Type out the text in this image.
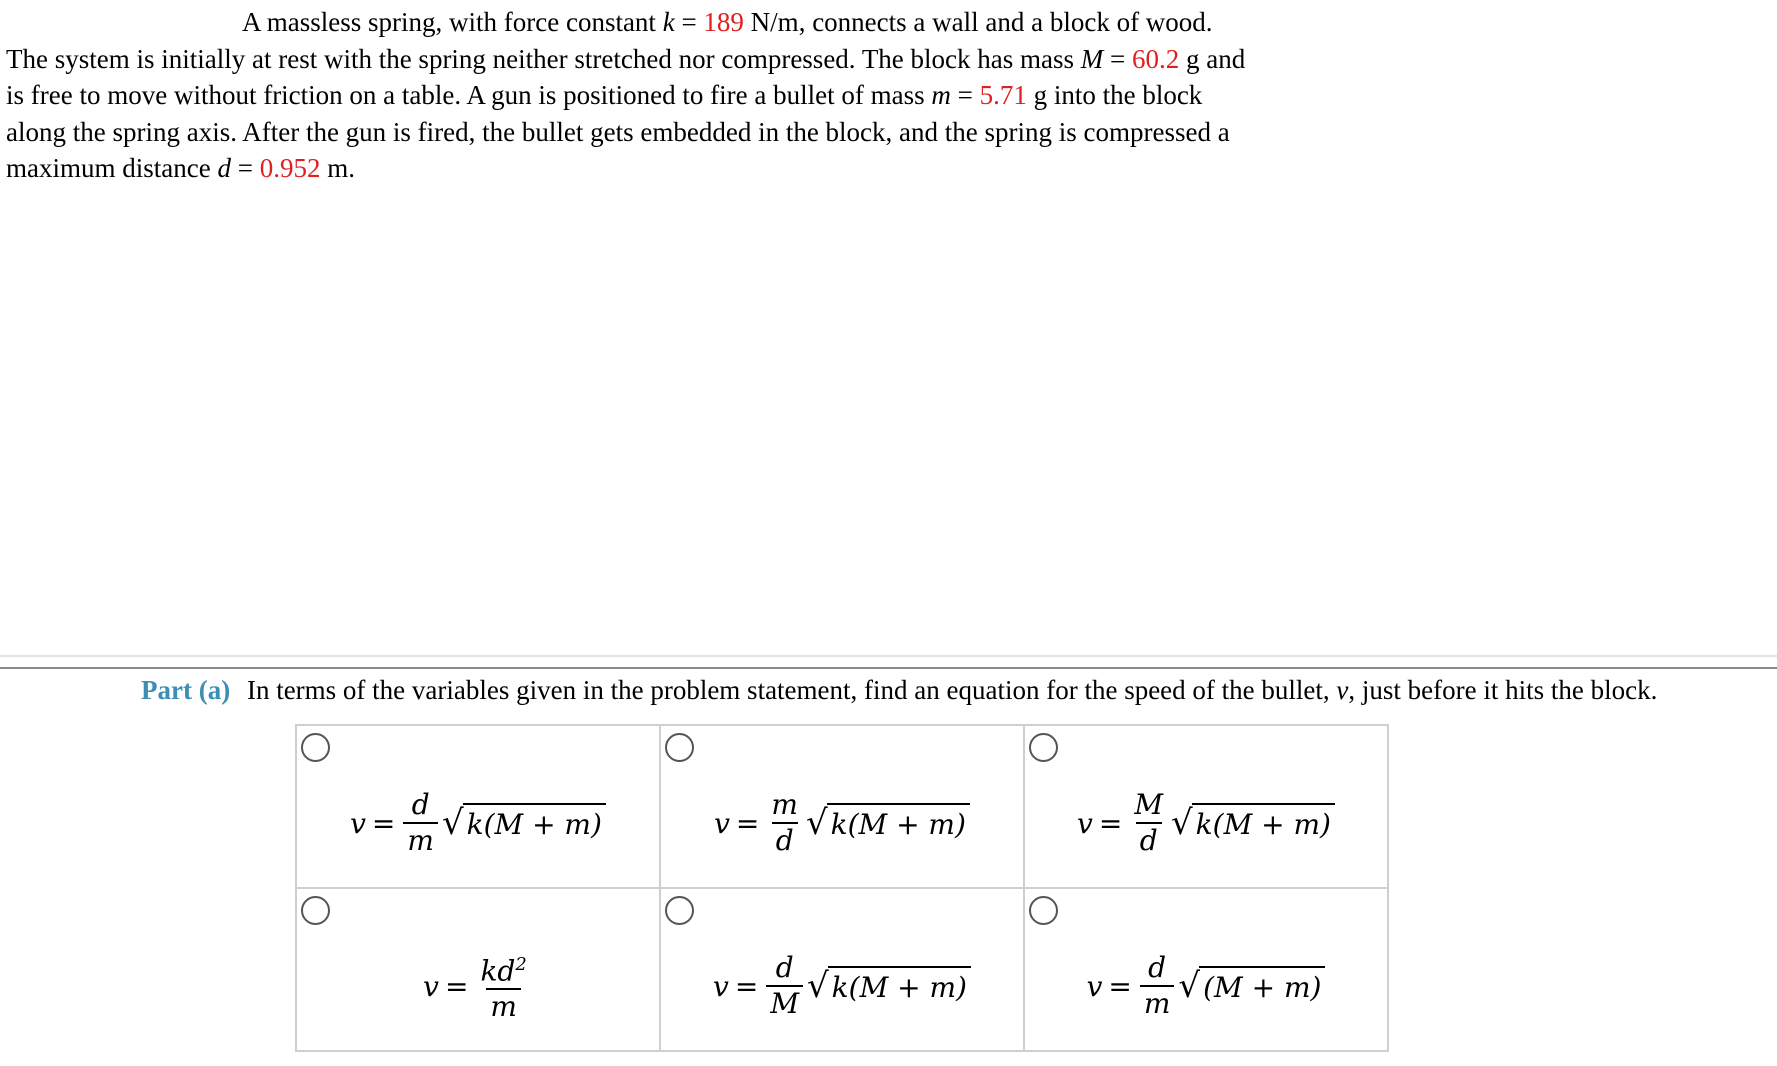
A massless spring, with force constant k = 189 N/m, connects a wall and a block of wood. The system is initially at rest with the spring neither stretched nor compressed. The block has mass M = 60.2 g and is free to move without friction on a table. A gun is positioned to fire a bullet of mass m = 5.71 g into the block along the spring axis. After the gun is fired, the bullet gets embedded in the block, and the spring is compressed a maximum distance d = 0.952 m.
Part (a) In terms of the variables given in the problem statement, find an equation for the speed of the bullet, v, just before it hits the block.
$v = \frac{d}{m}$ √ k(M + m)	$v = \frac{m}{d}$ √ k(M + m)	$v = \frac{M}{d}$ √ k(M + m)
$v = \frac{kd^2}{m}$	$v = \frac{d}{M}$ √ k(M + m)	$v = \frac{d}{m}$ √ (M + m)
